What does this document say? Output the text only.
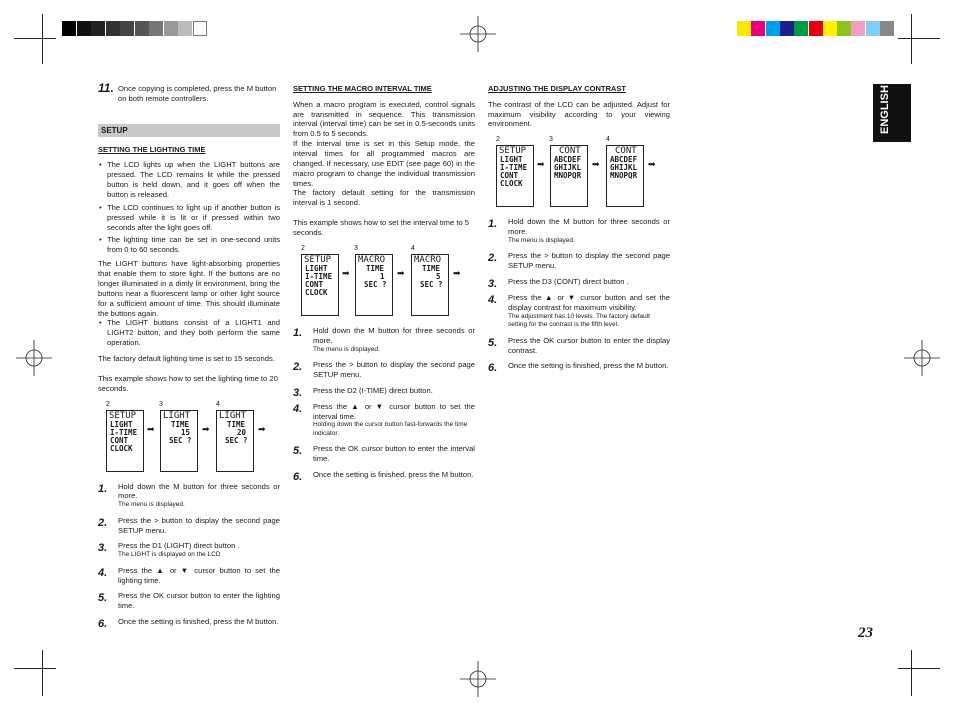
ENGLISH
11. Once copying is completed, press the M button on both remote controllers.

SETUP
SETTING THE LIGHTING TIME
• The LCD lights up when the LIGHT buttons are pressed. The LCD remains lit while the pressed button is held down, and it goes off when the button is released.
• The LCD continues to light up if another button is pressed while it is lit or if pressed within two seconds after the light goes off.
• The lighting time can be set in one-second units from 0 to 60 seconds.

The LIGHT buttons have light-absorbing properties that enable them to store light. If the buttons are no longer illuminated in a dimly lit environment, bring the buttons near a fluorescent lamp or other light source for a sufficient amount of time. This should illuminate the buttons again.

• The LIGHT buttons consist of a LIGHT1 and LIGHT2 button, and they both perform the same operation.

The factory default lighting time is set to 15 seconds.

This example shows how to set the lighting time to 20 seconds.

2	3	4
SETUP
LIGHT
I-TIME
CONT
CLOCK
➡
LIGHT
TIME
15
SEC ?
➡
LIGHT
TIME
20
SEC ?
➡
1. Hold down the M button for three seconds or more.

The menu is displayed.

2. Press the > button to display the second page SETUP menu.

3. Press the D1 (LIGHT) direct button .

The LIGHT is displayed on the LCD

4. Press the ▲ or ▼ cursor button to set the lighting time.

5. Press the OK cursor button to enter the lighting time.

6. Once the setting is finished, press the M button.

SETTING THE MACRO INTERVAL TIME

When a macro program is executed, control signals are transmitted in sequence. This transmission interval (interval time) can be set in 0.5-seconds units from 0.5 to 5 seconds.

If the interval time is set in this Setup mode, the interval times for all programmed macros are changed. If necessary, use EDIT (see page 60) in the macro program to change the individual transmission times.

The factory default setting for the transmission interval is 1 second.

This example shows how to set the interval time to 5 seconds.

2	3	4
SETUP
LIGHT
I-TIME
CONT
CLOCK
➡
MACRO
TIME
1
SEC ?
➡
MACRO
TIME
5
SEC ?
➡
1. Hold down the M button for three seconds or more.

The menu is displayed.

2. Press the > button to display the second page SETUP menu.

3. Press the D2 (I-TIME) direct button.

4. Press the ▲ or ▼ cursor button to set the interval time.

Holding down the cursor button fast-forwards the time indicator.

5. Press the OK cursor button to enter the interval time.

6. Once the setting is finished, press the M button.

ADJUSTING THE DISPLAY CONTRAST

The contrast of the LCD can be adjusted. Adjust for maximum visibility according to your viewing environment.

2	3	4
SETUP
LIGHT
I-TIME
CONT
CLOCK
➡
CONT
ABCDEF
GHIJKL
MNOPQR
➡
CONT
ABCDEF
GHIJKL
MNOPQR
➡
1. Hold down the M button for three seconds or more.

The menu is displayed.

2. Press the > button to display the second page SETUP menu.

3. Press the D3 (CONT) direct button .

4. Press the ▲ or ▼ cursor button and set the display contrast for maximum visibility.

The adjustment has 10 levels. The factory default setting for the contrast is the fifth level.

5. Press the OK cursor button to enter the display contrast.

6. Once the setting is finished, press the M button.

23
